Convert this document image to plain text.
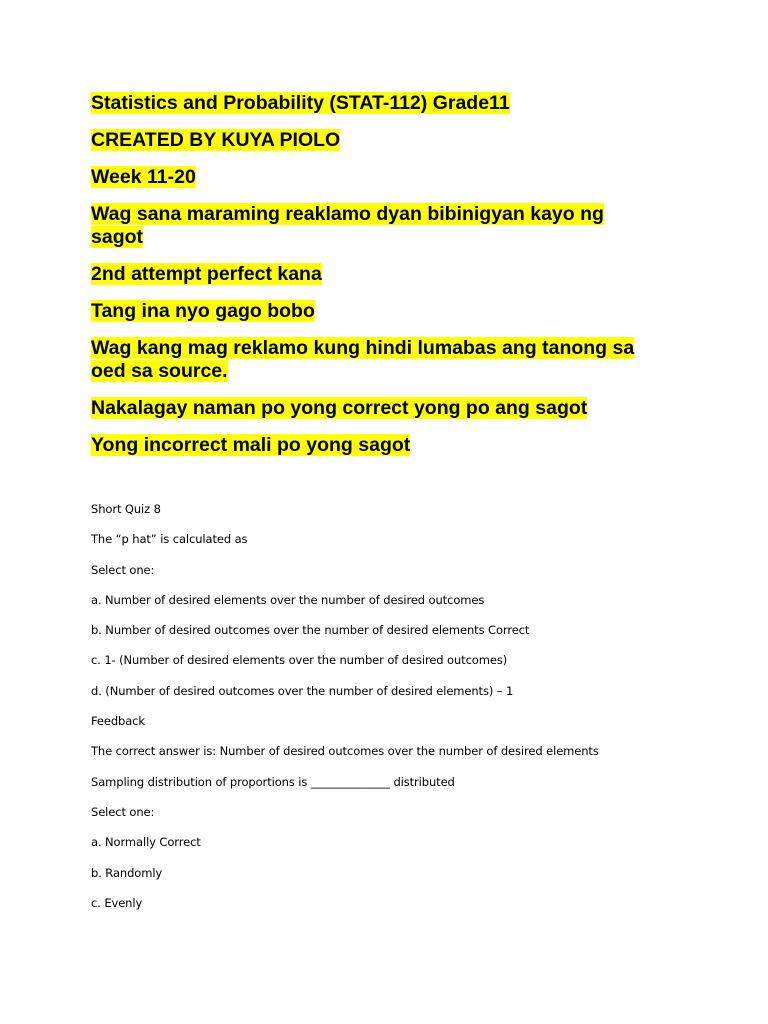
Statistics and Probability (STAT-112) Grade11

CREATED BY KUYA PIOLO

Week 11-20

Wag sana maraming reaklamo dyan bibinigyan kayo ng sagot

2nd attempt perfect kana

Tang ina nyo gago bobo

Wag kang mag reklamo kung hindi lumabas ang tanong sa oed sa source.

Nakalagay naman po yong correct yong po ang sagot

Yong incorrect mali po yong sagot

Short Quiz 8

The “p hat” is calculated as

Select one:

a. Number of desired elements over the number of desired outcomes

b. Number of desired outcomes over the number of desired elements Correct

c. 1- (Number of desired elements over the number of desired outcomes)

d. (Number of desired outcomes over the number of desired elements) – 1

Feedback

The correct answer is: Number of desired outcomes over the number of desired elements

Sampling distribution of proportions is ______________ distributed

Select one:

a. Normally Correct

b. Randomly

c. Evenly
